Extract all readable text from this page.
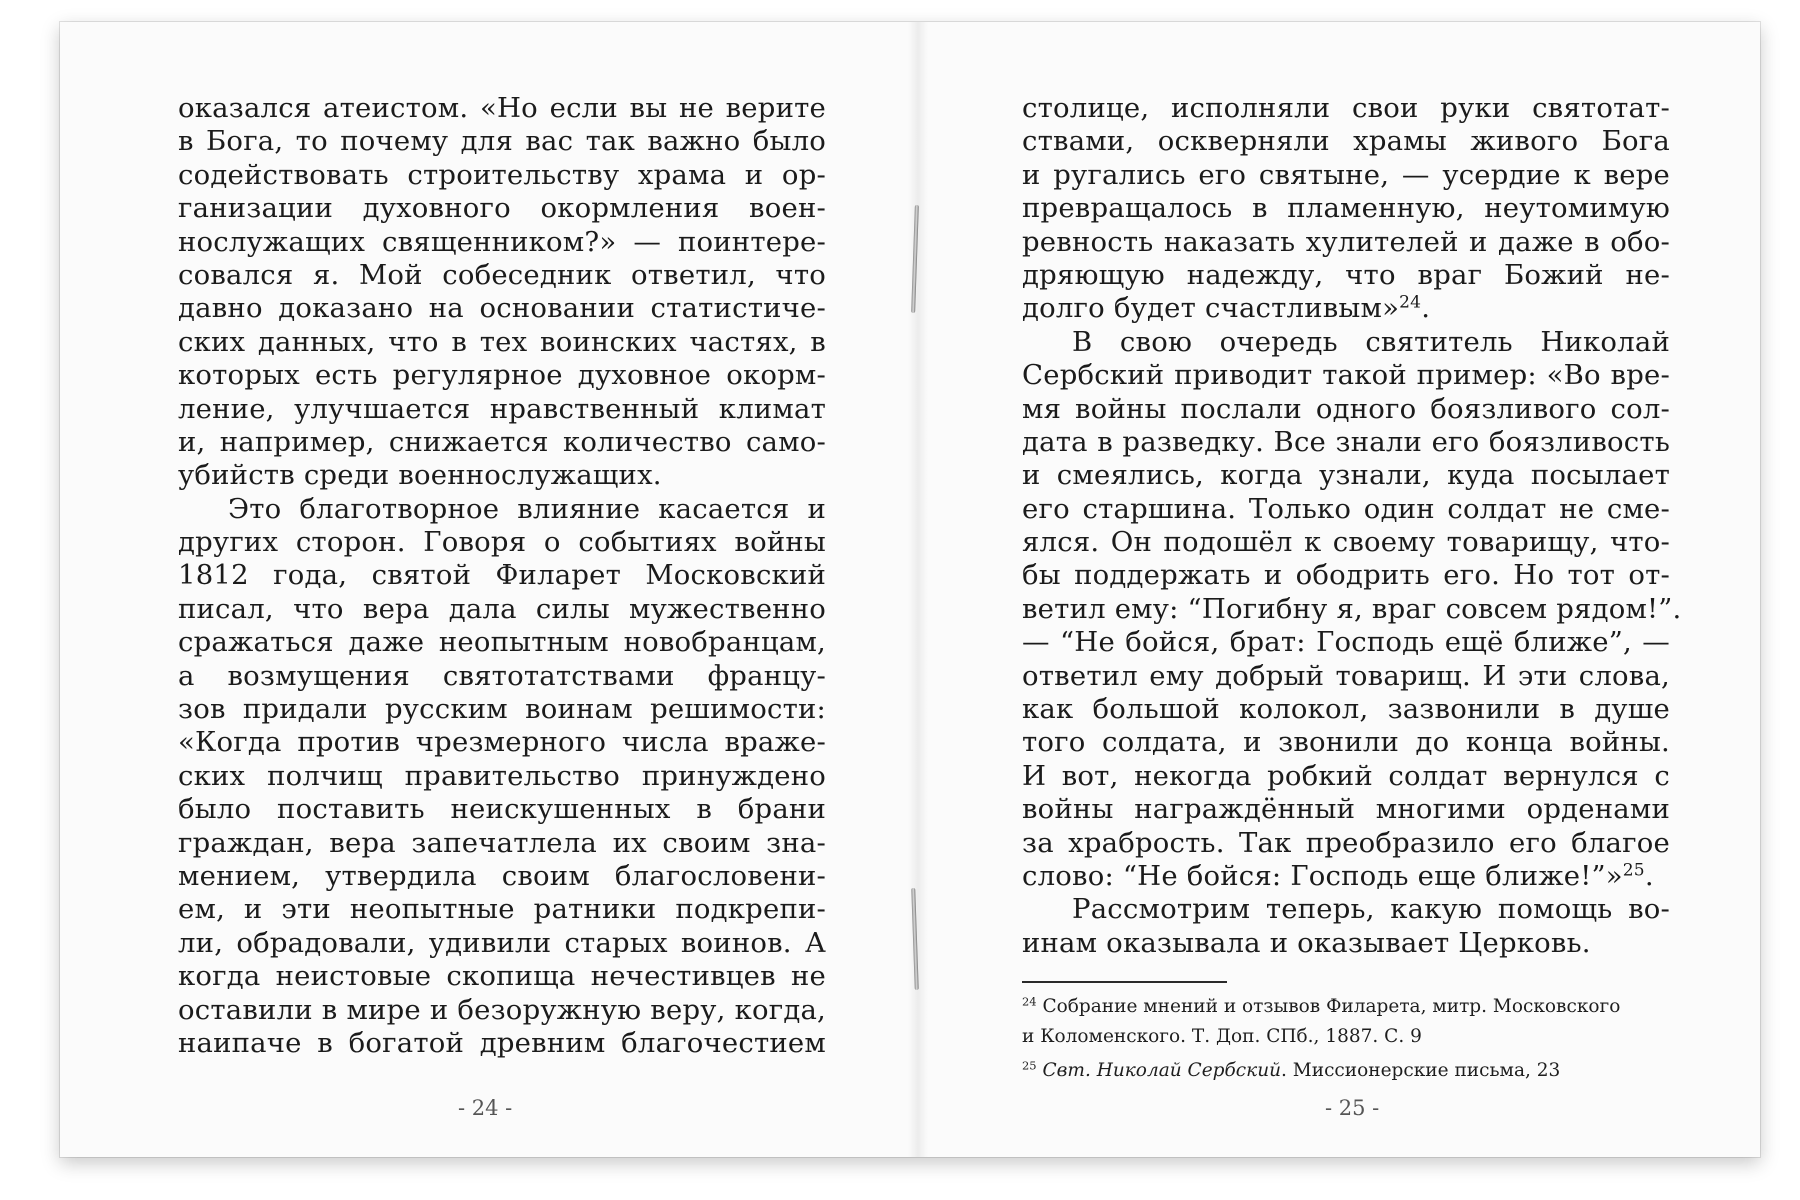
оказался атеистом. «Но если вы не верите
в Бога, то почему для вас так важно было
содействовать строительству храма и ор-
ганизации духовного окормления воен-
нослужащих священником?» — поинтере-
совался я. Мой собеседник ответил, что
давно доказано на основании статистиче-
ских данных, что в тех воинских частях, в
которых есть регулярное духовное окорм-
ление, улучшается нравственный климат
и, например, снижается количество само-
убийств среди военнослужащих.
Это благотворное влияние касается и
других сторон. Говоря о событиях войны
1812 года, святой Филарет Московский
писал, что вера дала силы мужественно
сражаться даже неопытным новобранцам,
а возмущения святотатствами францу-
зов придали русским воинам решимости:
«Когда против чрезмерного числа враже-
ских полчищ правительство принуждено
было поставить неискушенных в брани
граждан, вера запечатлела их своим зна-
мением, утвердила своим благословени-
ем, и эти неопытные ратники подкрепи-
ли, обрадовали, удивили старых воинов. А
когда неистовые скопища нечестивцев не
оставили в мире и безоружную веру, когда,
наипаче в богатой древним благочестием
столице, исполняли свои руки святотат-
ствами, оскверняли храмы живого Бога
и ругались его святыне, — усердие к вере
превращалось в пламенную, неутомимую
ревность наказать хулителей и даже в обо-
дряющую надежду, что враг Божий не-
долго будет счастливым»$^{24}$.
В свою очередь святитель Николай
Сербский приводит такой пример: «Во вре-
мя войны послали одного боязливого сол-
дата в разведку. Все знали его боязливость
и смеялись, когда узнали, куда посылает
его старшина. Только один солдат не сме-
ялся. Он подошёл к своему товарищу, что-
бы поддержать и ободрить его. Но тот от-
ветил ему: “Погибну я, враг совсем рядом!”.
— “Не бойся, брат: Господь ещё ближе”, —
ответил ему добрый товарищ. И эти слова,
как большой колокол, зазвонили в душе
того солдата, и звонили до конца войны.
И вот, некогда робкий солдат вернулся с
войны награждённый многими орденами
за храбрость. Так преобразило его благое
слово: “Не бойся: Господь еще ближе!”»$^{25}$.
Рассмотрим теперь, какую помощь во-
инам оказывала и оказывает Церковь.
$^{24}$ Собрание мнений и отзывов Филарета, митр. Московского
и Коломенского. Т. Доп. СПб., 1887. С. 9
$^{25}$ Свт. Николай Сербский. Миссионерские письма, 23
- 24 -	- 25 -
